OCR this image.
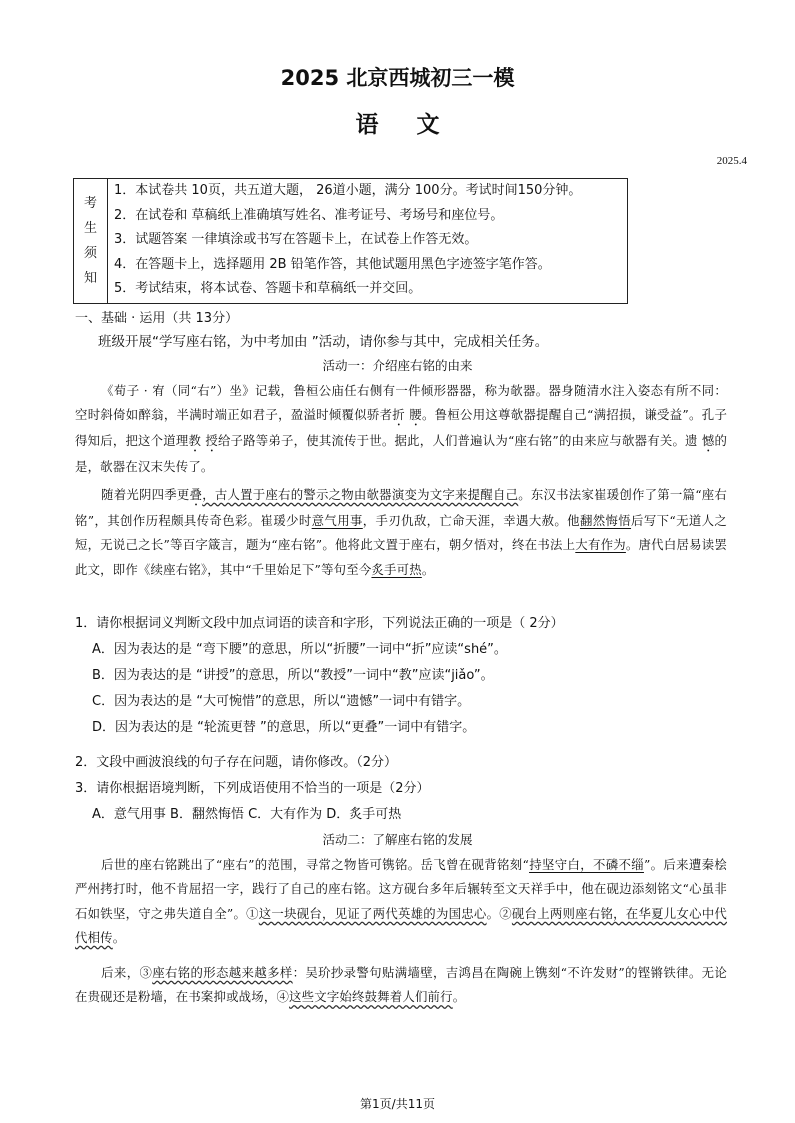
2025 北京西城初三一模
语文
2025.4
考
生
须
知
1．本试卷共 10页，共五道大题， 26道小题，满分 100分。考试时间150分钟。
2．在试卷和 草稿纸上准确填写姓名、准考证号、考场号和座位号。
3．试题答案 一律填涂或书写在答题卡上，在试卷上作答无效。
4．在答题卡上，选择题用 2B 铅笔作答，其他试题用黑色字迹签字笔作答。
5．考试结束，将本试卷、答题卡和草稿纸一并交回。
一、基础 · 运用（共 13分）
班级开展“学写座右铭，为中考加由 ”活动，请你参与其中，完成相关任务。
活动一：介绍座右铭的由来
《荀子 · 宥（同“右”）坐》记载，鲁桓公庙任右侧有一件倾形器器，称为欹器。器身随清水注入姿态有所不同：空时斜倚如醉翁，半满时端正如君子，盈溢时倾覆似骄者折 腰。鲁桓公用这尊欹器提醒自己“满招损，谦受益”。孔子得知后，把这个道理教 授给子路等弟子，使其流传于世。据此，人们普遍认为“座右铭”的由来应与欹器有关。遗 憾的是，欹器在汉末失传了。
随着光阴四季更叠，古人置于座右的警示之物由欹器演变为文字来提醒自己。东汉书法家崔瑗创作了第一篇“座右铭”，其创作历程颇具传奇色彩。崔瑗少时意气用事，手刃仇敌，亡命天涯，幸遇大赦。他翻然悔悟后写下“无道人之短，无说己之长”等百字箴言，题为“座右铭”。他将此文置于座右，朝夕悟对，终在书法上大有作为。唐代白居易读罢此文，即作《续座右铭》，其中“千里始足下”等句至今炙手可热。
1．请你根据词义判断文段中加点词语的读音和字形，下列说法正确的一项是（ 2分）
A．因为表达的是 “弯下腰”的意思，所以“折腰”一词中“折”应读“shé”。
B．因为表达的是 “讲授”的意思，所以“教授”一词中“教”应读“jiǎo”。
C．因为表达的是 “大可惋惜”的意思，所以“遗憾”一词中有错字。
D．因为表达的是 “轮流更替 ”的意思，所以“更叠”一词中有错字。
2．文段中画波浪线的句子存在问题，请你修改。（2分）
3．请你根据语境判断，下列成语使用不恰当的一项是（2分）
A．意气用事 B．翻然悔悟 C．大有作为 D．炙手可热
活动二：了解座右铭的发展
后世的座右铭跳出了“座右”的范围，寻常之物皆可镌铭。岳飞曾在砚背铭刻“持坚守白，不磷不缁”。后来遭秦桧严州拷打时，他不肯屈招一字，践行了自己的座右铭。这方砚台多年后辗转至文天祥手中，他在砚边添刻铭文“心虽非石如铁坚，守之弗失道自全”。①这一块砚台，见证了两代英雄的为国忠心。②砚台上两则座右铭，在华夏儿女心中代代相传。
后来，③座右铭的形态越来越多样：吴玠抄录警句贴满墙壁，吉鸿昌在陶碗上镌刻“不许发财”的铿锵铁律。无论在贵砚还是粉墙，在书案抑或战场，④这些文字始终鼓舞着人们前行。
第1页/共11页
